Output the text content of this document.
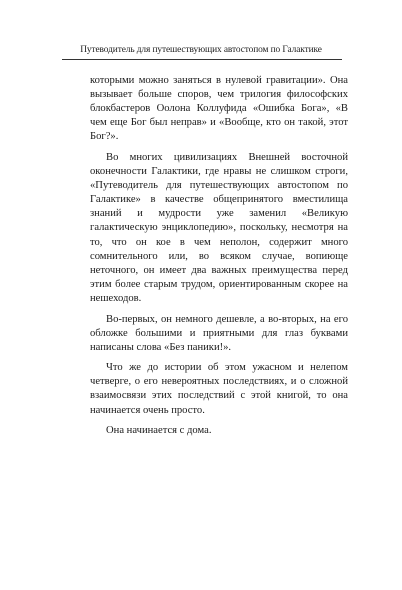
Путеводитель для путешествующих автостопом по Галактике

которыми можно заняться в нулевой гравитации». Она вызывает больше споров, чем трилогия философских блокбастеров Оолона Коллуфида «Ошибка Бога», «В чем еще Бог был неправ» и «Вообще, кто он такой, этот Бог?».

Во многих цивилизациях Внешней восточной оконечности Галактики, где нравы не слишком строги, «Путеводитель для путешествующих автостопом по Галактике» в качестве общепринятого вместилища знаний и мудрости уже заменил «Великую галактическую энциклопедию», поскольку, несмотря на то, что он кое в чем неполон, содержит много сомнительного или, во всяком случае, вопиюще неточного, он имеет два важных преимущества перед этим более старым трудом, ориентированным скорее на нешеходов.

Во-первых, он немного дешевле, а во-вторых, на его обложке большими и приятными для глаз буквами написаны слова «Без паники!».

Что же до истории об этом ужасном и нелепом четверге, о его невероятных последствиях, и о сложной взаимосвязи этих последствий с этой книгой, то она начинается очень просто.

Она начинается с дома.
